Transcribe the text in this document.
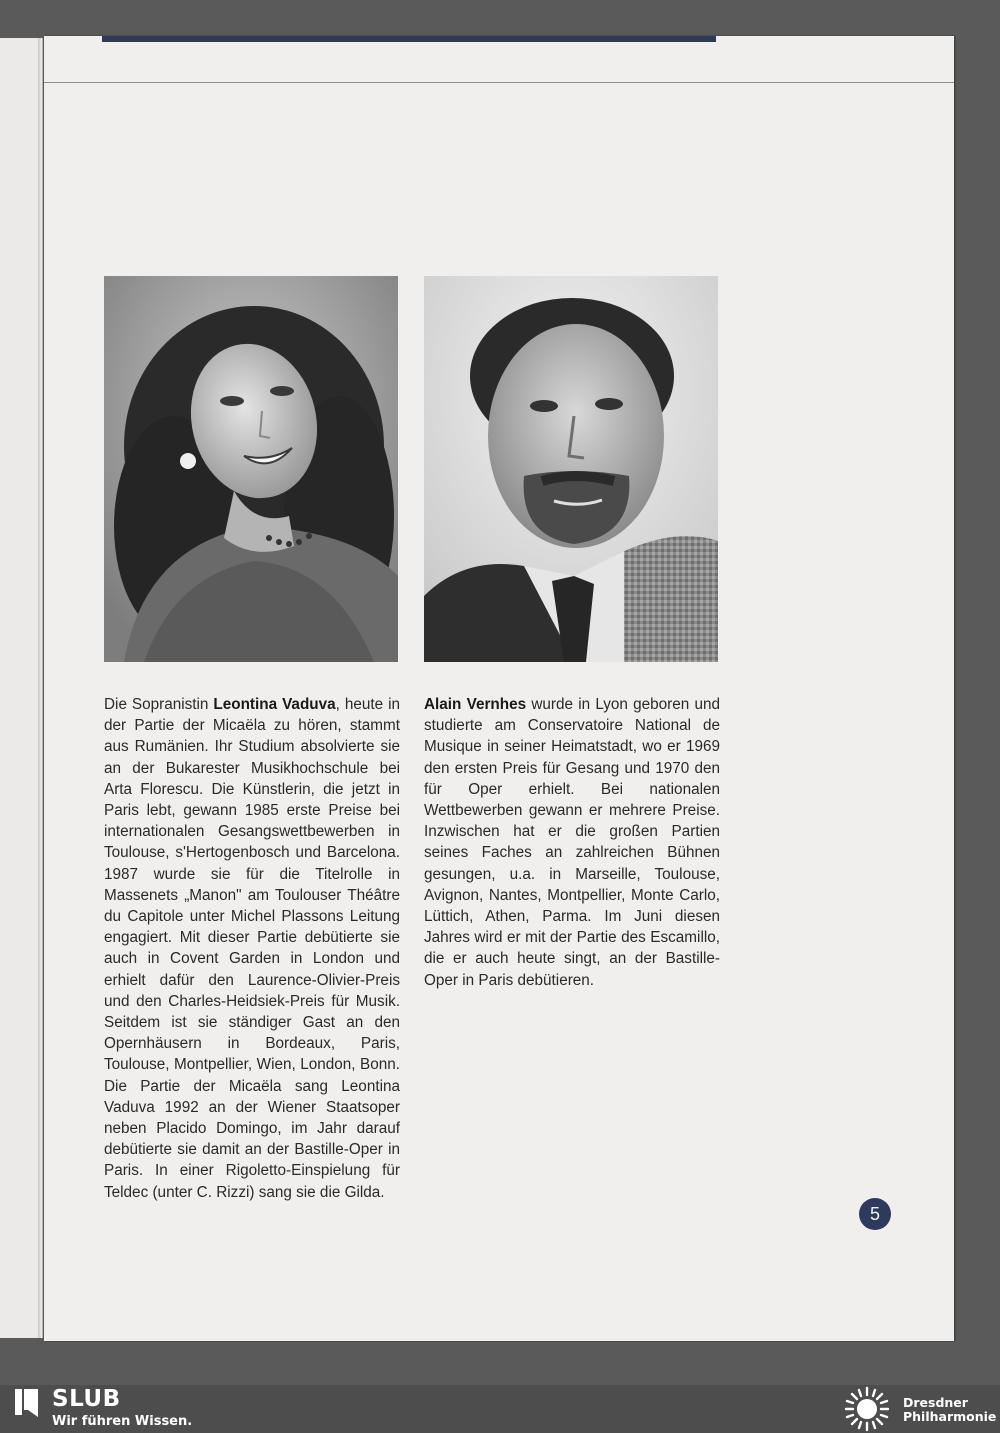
Die Sopranistin Leontina Vaduva, heute in der Partie der Micaëla zu hören, stammt aus Rumänien. Ihr Studium absolvierte sie an der Bukarester Musikhochschule bei Arta Florescu. Die Künstlerin, die jetzt in Paris lebt, gewann 1985 erste Preise bei internationalen Gesangswettbewerben in Toulouse, s'Hertogenbosch und Barcelona. 1987 wurde sie für die Titelrolle in Massenets „Manon" am Toulouser Théâtre du Capitole unter Michel Plassons Leitung engagiert. Mit dieser Partie debütierte sie auch in Covent Garden in London und erhielt dafür den Laurence-Olivier-Preis und den Charles-Heidsiek-Preis für Musik. Seitdem ist sie ständiger Gast an den Opernhäusern in Bordeaux, Paris, Toulouse, Montpellier, Wien, London, Bonn. Die Partie der Micaëla sang Leontina Vaduva 1992 an der Wiener Staatsoper neben Placido Domingo, im Jahr darauf debütierte sie damit an der Bastille-Oper in Paris. In einer Rigoletto-Einspielung für Teldec (unter C. Rizzi) sang sie die Gilda.
Alain Vernhes wurde in Lyon geboren und studierte am Conservatoire National de Musique in seiner Heimatstadt, wo er 1969 den ersten Preis für Gesang und 1970 den für Oper erhielt. Bei nationalen Wettbewerben gewann er mehrere Preise. Inzwischen hat er die großen Partien seines Faches an zahlreichen Bühnen gesungen, u.a. in Marseille, Toulouse, Avignon, Nantes, Montpellier, Monte Carlo, Lüttich, Athen, Parma. Im Juni diesen Jahres wird er mit der Partie des Escamillo, die er auch heute singt, an der Bastille-Oper in Paris debütieren.
5
SLUB
Wir führen Wissen.
Dresdner
Philharmonie
